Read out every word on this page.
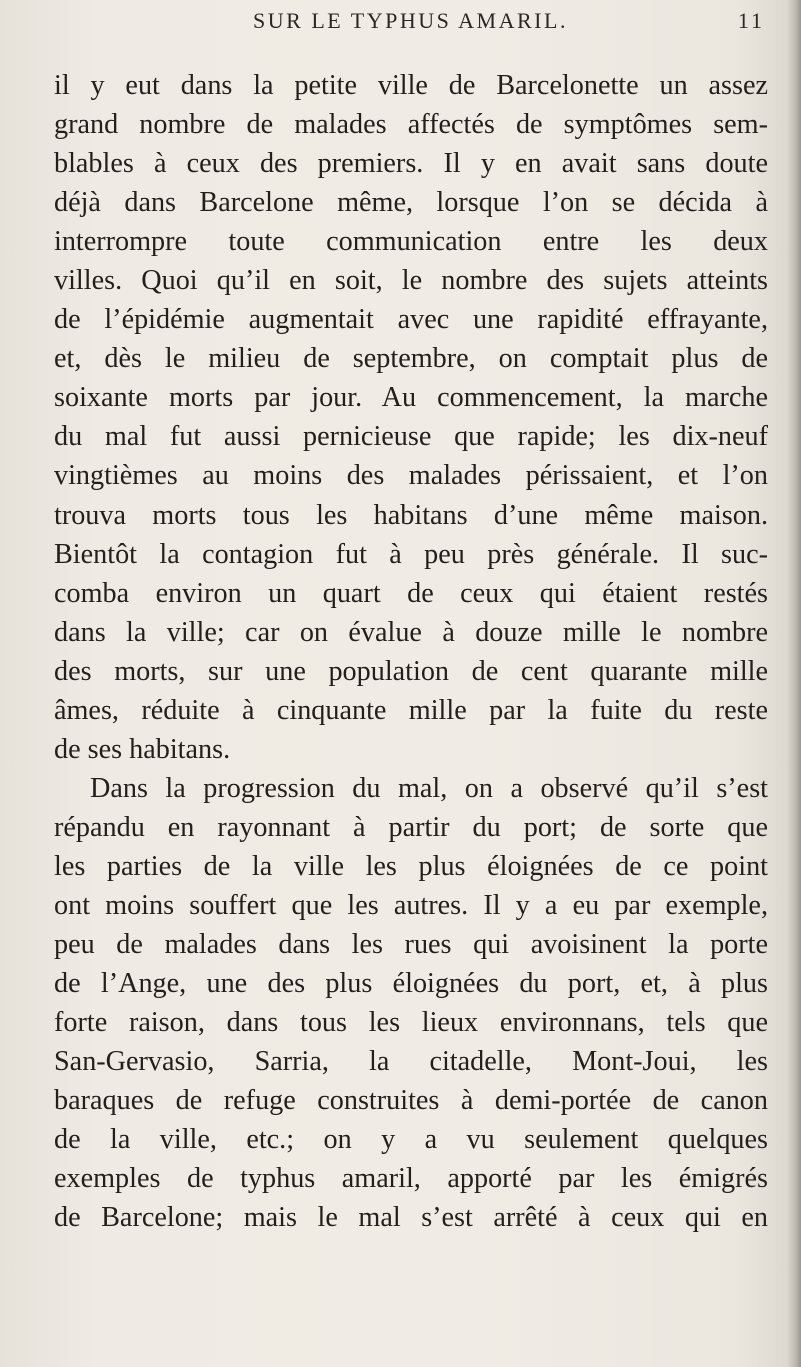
SUR LE TYPHUS AMARIL.	11
il y eut dans la petite ville de Barcelonette un assez
grand nombre de malades affectés de symptômes sem-
blables à ceux des premiers. Il y en avait sans doute
déjà dans Barcelone même, lorsque l’on se décida à
interrompre toute communication entre les deux
villes. Quoi qu’il en soit, le nombre des sujets atteints
de l’épidémie augmentait avec une rapidité effrayante,
et, dès le milieu de septembre, on comptait plus de
soixante morts par jour. Au commencement, la marche
du mal fut aussi pernicieuse que rapide; les dix-neuf
vingtièmes au moins des malades périssaient, et l’on
trouva morts tous les habitans d’une même maison.
Bientôt la contagion fut à peu près générale. Il suc-
comba environ un quart de ceux qui étaient restés
dans la ville; car on évalue à douze mille le nombre
des morts, sur une population de cent quarante mille
âmes, réduite à cinquante mille par la fuite du reste
de ses habitans.
Dans la progression du mal, on a observé qu’il s’est
répandu en rayonnant à partir du port; de sorte que
les parties de la ville les plus éloignées de ce point
ont moins souffert que les autres. Il y a eu par exemple,
peu de malades dans les rues qui avoisinent la porte
de l’Ange, une des plus éloignées du port, et, à plus
forte raison, dans tous les lieux environnans, tels que
San-Gervasio, Sarria, la citadelle, Mont-Joui, les
baraques de refuge construites à demi-portée de canon
de la ville, etc.; on y a vu seulement quelques
exemples de typhus amaril, apporté par les émigrés
de Barcelone; mais le mal s’est arrêté à ceux qui en
